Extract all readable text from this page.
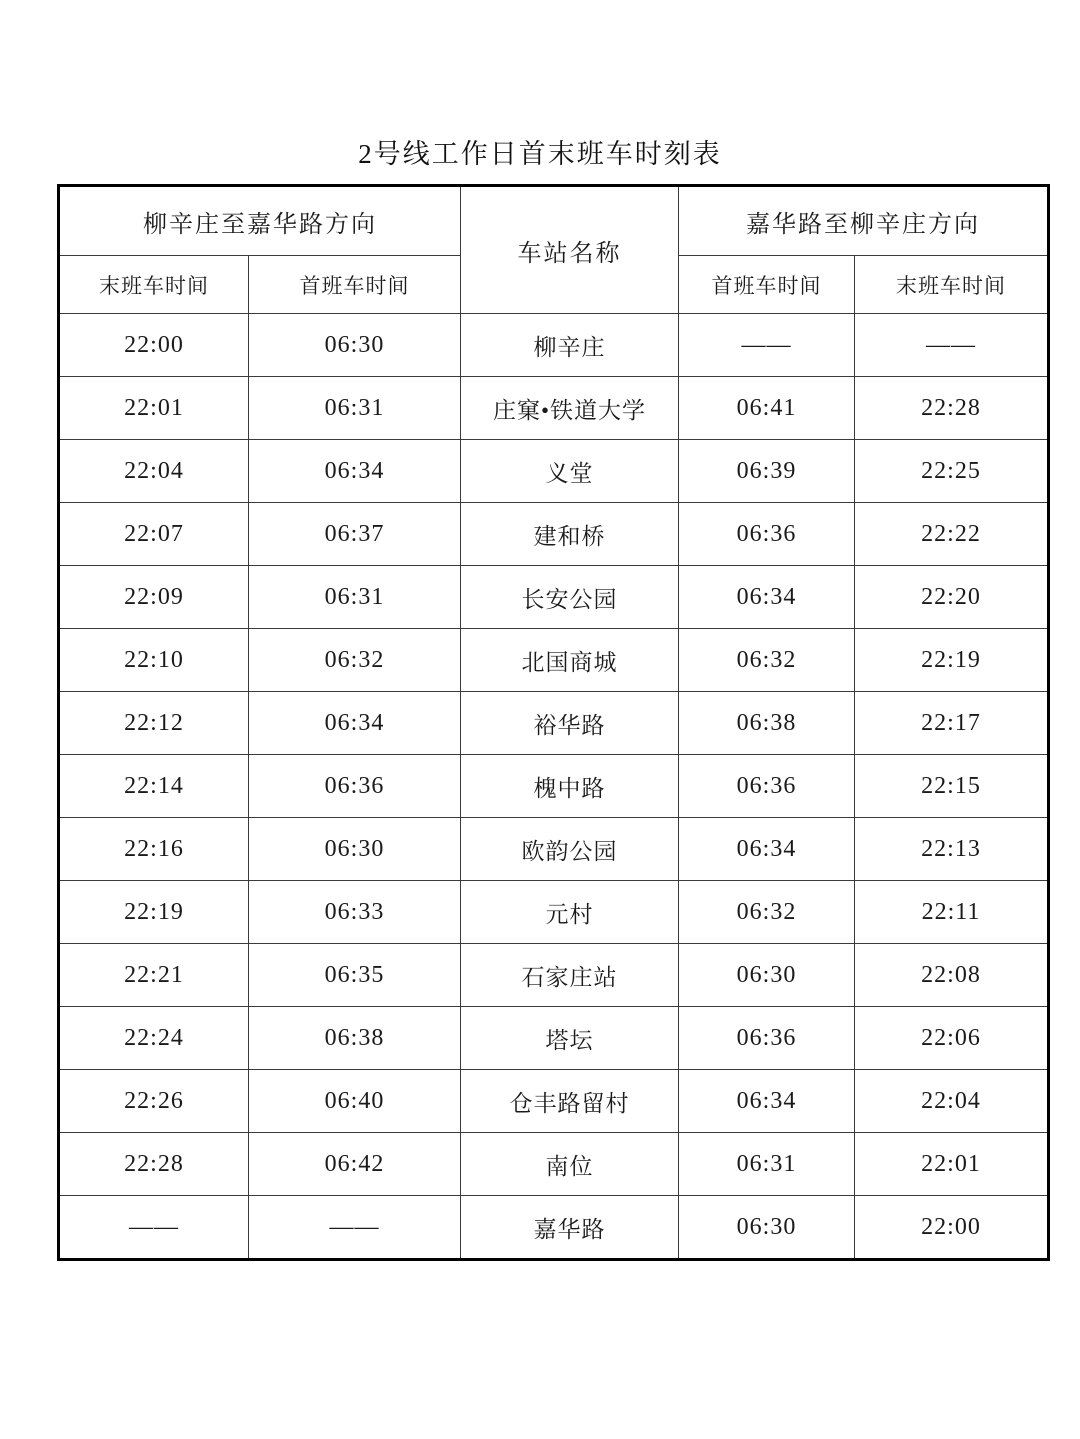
2号线工作日首末班车时刻表
柳辛庄至嘉华路方向		车站名称	嘉华路至柳辛庄方向	
末班车时间	首班车时间		首班车时间	末班车时间
22:00	06:30	柳辛庄	——	——
22:01	06:31	庄窠•铁道大学	06:41	22:28
22:04	06:34	义堂	06:39	22:25
22:07	06:37	建和桥	06:36	22:22
22:09	06:31	长安公园	06:34	22:20
22:10	06:32	北国商城	06:32	22:19
22:12	06:34	裕华路	06:38	22:17
22:14	06:36	槐中路	06:36	22:15
22:16	06:30	欧韵公园	06:34	22:13
22:19	06:33	元村	06:32	22:11
22:21	06:35	石家庄站	06:30	22:08
22:24	06:38	塔坛	06:36	22:06
22:26	06:40	仓丰路留村	06:34	22:04
22:28	06:42	南位	06:31	22:01
——	——	嘉华路	06:30	22:00
